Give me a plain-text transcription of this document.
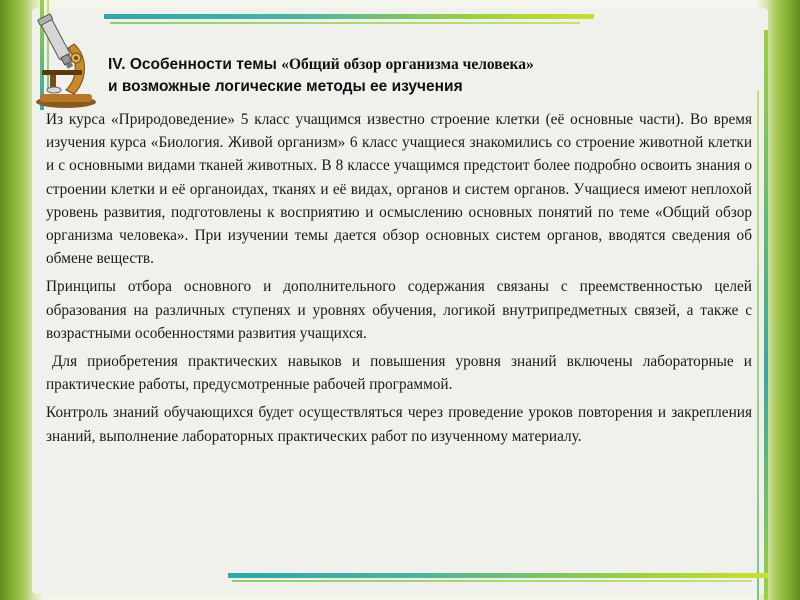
IV. Особенности темы «Общий обзор организма человека»
и возможные логические методы ее изучения

Из курса «Природоведение» 5 класс учащимся известно строение клетки (её основные части). Во время изучения курса «Биология. Живой организм» 6 класс учащиеся знакомились со строение животной клетки и с основными видами тканей животных. В 8 классе учащимся предстоит более подробно освоить знания о строении клетки и её органоидах, тканях и её видах, органов и систем органов. Учащиеся имеют неплохой уровень развития, подготовлены к восприятию и осмыслению основных понятий по теме «Общий обзор организма человека». При изучении темы дается обзор основных систем органов, вводятся сведения об обмене веществ.

Принципы отбора основного и дополнительного содержания связаны с преемственностью целей образования на различных ступенях и уровнях обучения, логикой внутрипредметных связей, а также с возрастными особенностями развития учащихся.

Для приобретения практических навыков и повышения уровня знаний включены лабораторные и практические работы, предусмотренные рабочей программой.

Контроль знаний обучающихся будет осуществляться через проведение уроков повторения и закрепления знаний, выполнение лабораторных практических работ по изученному материалу.
